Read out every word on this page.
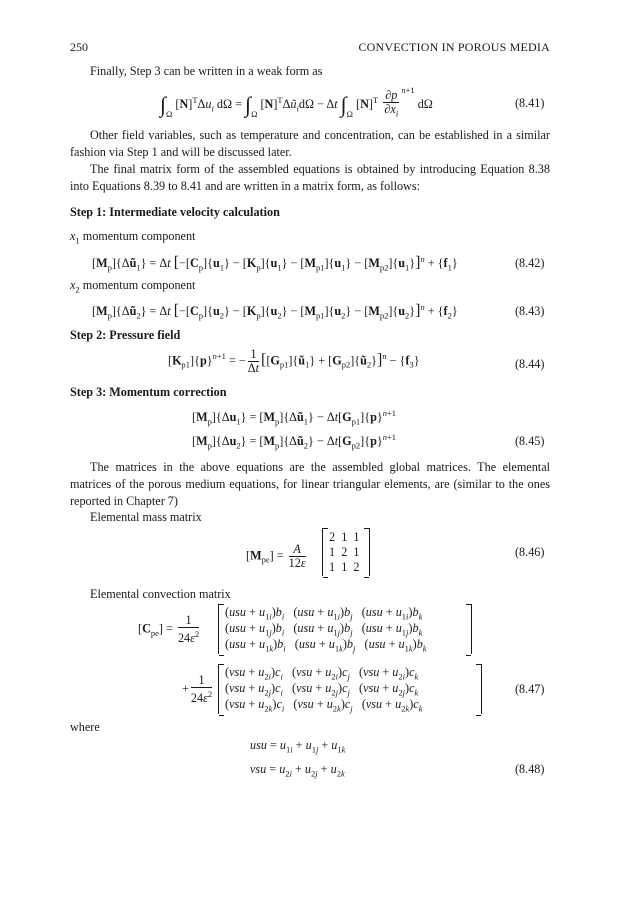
250	CONVECTION IN POROUS MEDIA
Finally, Step 3 can be written in a weak form as
$\int_\Omega$ $[N]^T\Delta u_i$ $d\Omega = \int_\Omega$ $[N]^T\Delta ũ_id\Omega - \Delta t$ $\int_\Omega$ $[N]^T \frac{\partial p}{\partial x_i} ^{n+1}$ dΩ	(8.41)
Other field variables, such as temperature and concentration, can be established in a similar fashion via Step 1 and will be discussed later.
The final matrix form of the assembled equations is obtained by introducing Equation 8.38 into Equations 8.39 to 8.41 and are written in a matrix form, as follows:
Step 1: Intermediate velocity calculation
$x_1$ momentum component
$[M_p]\{\Delta ũ_1\} = \Delta t$ $[-[C_p]\{u_1\} - [K_p]\{u_1\} - [M_{p1}]\{u_1\} - [M_{p2}]\{u_1\}]^n + \{f_1\}$	(8.42)
$x_2$ momentum component
$[M_p]\{\Delta ũ_2\} = \Delta t$ $[-[C_p]\{u_2\} - [K_p]\{u_2\} - [M_{p1}]\{u_2\} - [M_{p2}]\{u_2\}]^n + \{f_2\}$	(8.43)
Step 2: Pressure field
$[K_{p1}]\{p\}^{n+1}$ = − $\frac{1}{\Delta t}$ [$[G_{p1}]\{ũ_1\}$ + $[G_{p2}]\{ũ_2\}]^n - \{f_3\}$	(8.44)
Step 3: Momentum correction
$[M_p]\{\Delta u_1\}$ = $[M_p]\{\Delta ũ_1\} - \Delta t[G_{p1}]\{p\}^{n+1}$
$[M_p]\{\Delta u_2\}$ = $[M_p]\{\Delta ũ_2\} - \Delta t[G_{p2}]\{p\}^{n+1}$	(8.45)
The matrices in the above equations are the assembled global matrices. The elemental matrices of the porous medium equations, for linear triangular elements, are (similar to the ones reported in Chapter 7)
Elemental mass matrix
$[M_{pe}] = \frac{A}{12\varepsilon}$
2 1 1
1 2 1
1 1 2
(8.46)
Elemental convection matrix
$[C_{pe}] = \frac{1}{24\varepsilon^2}$
$(usu + u_{1i})b_i$   $(usu + u_{1i})b_j$   $(usu + u_{1i})b_k$
$(usu + u_{1j})b_i$   $(usu + u_{1j})b_j$   $(usu + u_{1j})b_k$
$(usu + u_{1k})b_i$   $(usu + u_{1k})b_j$   $(usu + u_{1k})b_k$
+ $\frac{1}{24\varepsilon^2}$
$(vsu + u_{2i})c_i$   $(vsu + u_{2i})c_j$   $(vsu + u_{2i})c_k$
$(vsu + u_{2j})c_i$   $(vsu + u_{2j})c_j$   $(vsu + u_{2j})c_k$
$(vsu + u_{2k})c_i$   $(vsu + u_{2k})c_j$   $(vsu + u_{2k})c_k$
(8.47)
where
usu = $u_{1i} + u_{1j} + u_{1k}$
vsu = $u_{2i} + u_{2j} + u_{2k}$	(8.48)
